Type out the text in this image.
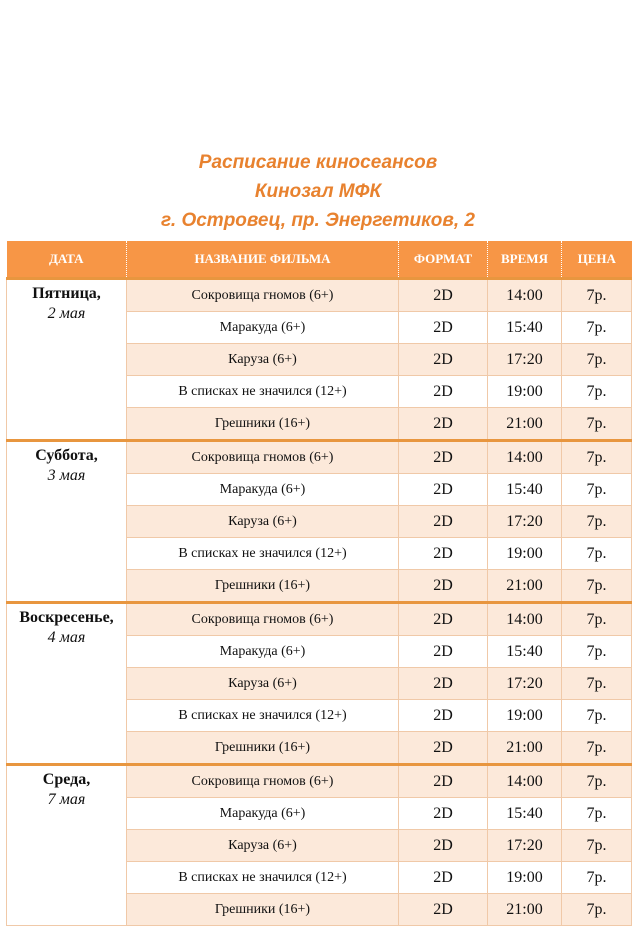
Расписание киносеансов
Кинозал МФК
г. Островец, пр. Энергетиков, 2
ДАТА	НАЗВАНИЕ ФИЛЬМА	ФОРМАТ	ВРЕМЯ	ЦЕНА

Пятница,
2 мая	Сокровища гномов (6+)	2D	14:00	7р.
	Маракуда (6+)	2D	15:40	7р.
	Каруза (6+)	2D	17:20	7р.
	В списках не значился (12+)	2D	19:00	7р.
	Грешники (16+)	2D	21:00	7р.

Суббота,
3 мая	Сокровища гномов (6+)	2D	14:00	7р.
	Маракуда (6+)	2D	15:40	7р.
	Каруза (6+)	2D	17:20	7р.
	В списках не значился (12+)	2D	19:00	7р.
	Грешники (16+)	2D	21:00	7р.

Воскресенье,
4 мая	Сокровища гномов (6+)	2D	14:00	7р.
	Маракуда (6+)	2D	15:40	7р.
	Каруза (6+)	2D	17:20	7р.
	В списках не значился (12+)	2D	19:00	7р.
	Грешники (16+)	2D	21:00	7р.

Среда,
7 мая	Сокровища гномов (6+)	2D	14:00	7р.
	Маракуда (6+)	2D	15:40	7р.
	Каруза (6+)	2D	17:20	7р.
	В списках не значился (12+)	2D	19:00	7р.
	Грешники (16+)	2D	21:00	7р.
